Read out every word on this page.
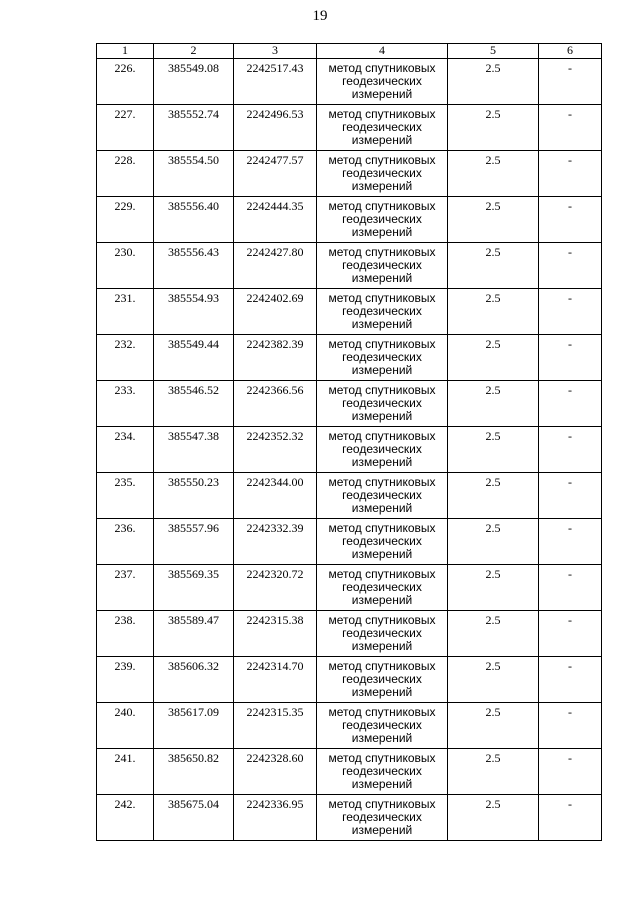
19
1	2	3	4	5	6
226.	385549.08	2242517.43	метод спутниковых геодезических измерений	2.5	-
227.	385552.74	2242496.53	метод спутниковых геодезических измерений	2.5	-
228.	385554.50	2242477.57	метод спутниковых геодезических измерений	2.5	-
229.	385556.40	2242444.35	метод спутниковых геодезических измерений	2.5	-
230.	385556.43	2242427.80	метод спутниковых геодезических измерений	2.5	-
231.	385554.93	2242402.69	метод спутниковых геодезических измерений	2.5	-
232.	385549.44	2242382.39	метод спутниковых геодезических измерений	2.5	-
233.	385546.52	2242366.56	метод спутниковых геодезических измерений	2.5	-
234.	385547.38	2242352.32	метод спутниковых геодезических измерений	2.5	-
235.	385550.23	2242344.00	метод спутниковых геодезических измерений	2.5	-
236.	385557.96	2242332.39	метод спутниковых геодезических измерений	2.5	-
237.	385569.35	2242320.72	метод спутниковых геодезических измерений	2.5	-
238.	385589.47	2242315.38	метод спутниковых геодезических измерений	2.5	-
239.	385606.32	2242314.70	метод спутниковых геодезических измерений	2.5	-
240.	385617.09	2242315.35	метод спутниковых геодезических измерений	2.5	-
241.	385650.82	2242328.60	метод спутниковых геодезических измерений	2.5	-
242.	385675.04	2242336.95	метод спутниковых геодезических измерений	2.5	-
